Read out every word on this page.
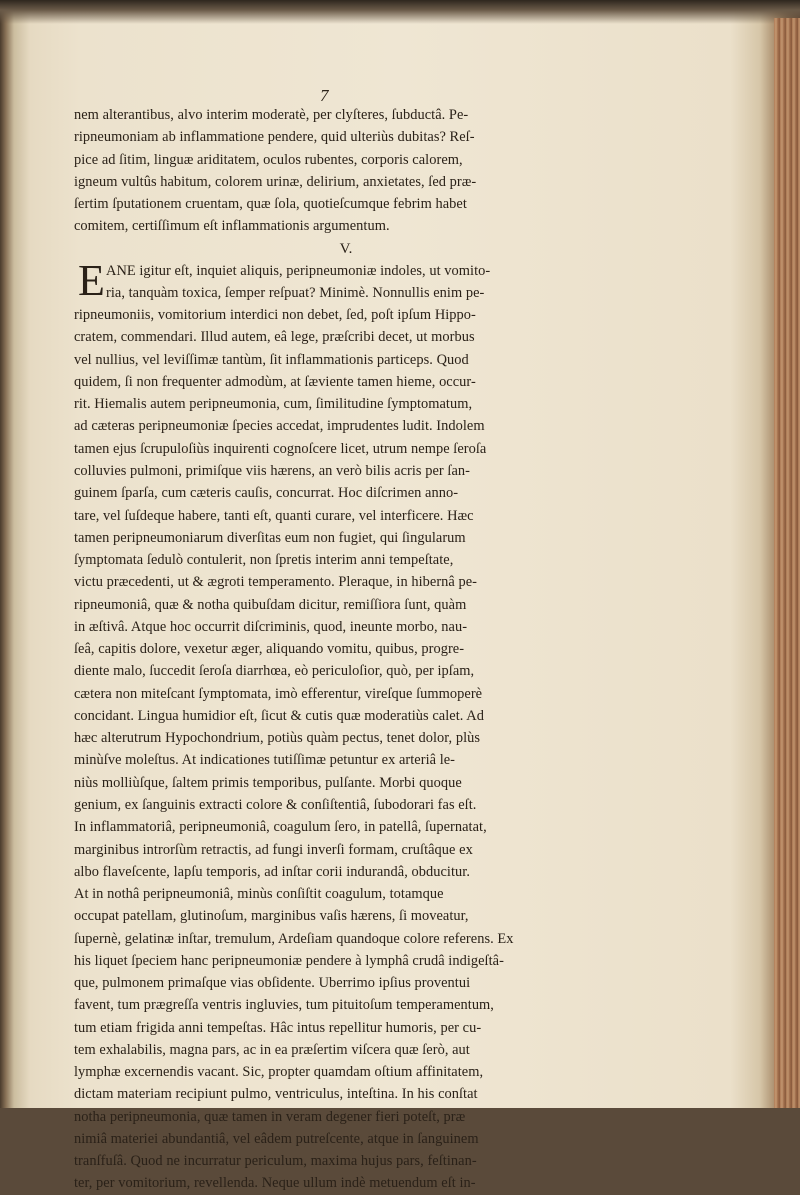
7
nem alterantibus, alvo interim moderatè, per clyſteres, ſubductâ. Pe-
ripneumoniam ab inflammatione pendere, quid ulteriùs dubitas? Reſ-
pice ad ſitim, linguæ ariditatem, oculos rubentes, corporis calorem,
igneum vultûs habitum, colorem urinæ, delirium, anxietates, ſed præ-
ſertim ſputationem cruentam, quæ ſola, quotieſcumque febrim habet
comitem, certiſſimum eſt inflammationis argumentum.
V.
E ANE igitur eſt, inquiet aliquis, peripneumoniæ indoles, ut vomito-
ria, tanquàm toxica, ſemper reſpuat? Minimè. Nonnullis enim pe-
ripneumoniis, vomitorium interdici non debet, ſed, poſt ipſum Hippo-
cratem, commendari. Illud autem, eâ lege, præſcribi decet, ut morbus
vel nullius, vel leviſſimæ tantùm, ſit inflammationis particeps. Quod
quidem, ſi non frequenter admodùm, at ſæviente tamen hieme, occur-
rit. Hiemalis autem peripneumonia, cum, ſimilitudine ſymptomatum,
ad cæteras peripneumoniæ ſpecies accedat, imprudentes ludit. Indolem
tamen ejus ſcrupuloſiùs inquirenti cognoſcere licet, utrum nempe ſeroſa
colluvies pulmoni, primiſque viis hærens, an verò bilis acris per ſan-
guinem ſparſa, cum cæteris cauſis, concurrat. Hoc diſcrimen anno-
tare, vel ſuſdeque habere, tanti eſt, quanti curare, vel interficere. Hæc
tamen peripneumoniarum diverſitas eum non fugiet, qui ſingularum
ſymptomata ſedulò contulerit, non ſpretis interim anni tempeſtate,
victu præcedenti, ut & ægroti temperamento. Pleraque, in hibernâ pe-
ripneumoniâ, quæ & notha quibuſdam dicitur, remiſſiora ſunt, quàm
in æſtivâ. Atque hoc occurrit diſcriminis, quod, ineunte morbo, nau-
ſeâ, capitis dolore, vexetur æger, aliquando vomitu, quibus, progre-
diente malo, ſuccedit ſeroſa diarrhœa, eò periculoſior, quò, per ipſam,
cætera non miteſcant ſymptomata, imò efferentur, vireſque ſummoperè
concidant. Lingua humidior eſt, ſicut & cutis quæ moderatiùs calet. Ad
hæc alterutrum Hypochondrium, potiùs quàm pectus, tenet dolor, plùs
minùſve moleſtus. At indicationes tutiſſimæ petuntur ex arteriâ le-
niùs molliùſque, ſaltem primis temporibus, pulſante. Morbi quoque
genium, ex ſanguinis extracti colore & conſiſtentiâ, ſubodorari fas eſt.
In inflammatoriâ, peripneumoniâ, coagulum ſero, in patellâ, ſupernatat,
marginibus introrſùm retractis, ad fungi inverſi formam, cruſtâque ex
albo flaveſcente, lapſu temporis, ad inſtar corii indurandâ, obducitur.
At in nothâ peripneumoniâ, minùs conſiſtit coagulum, totamque
occupat patellam, glutinoſum, marginibus vaſis hærens, ſi moveatur,
ſupernè, gelatinæ inſtar, tremulum, Ardeſiam quandoque colore referens. Ex
his liquet ſpeciem hanc peripneumoniæ pendere à lymphâ crudâ indigeſtâ-
que, pulmonem primaſque vias obſidente. Uberrimo ipſius proventui
favent, tum prægreſſa ventris ingluvies, tum pituitoſum temperamentum,
tum etiam frigida anni tempeſtas. Hâc intus repellitur humoris, per cu-
tem exhalabilis, magna pars, ac in ea præſertim viſcera quæ ſerò, aut
lymphæ excernendis vacant. Sic, propter quamdam oſtium affinitatem,
dictam materiam recipiunt pulmo, ventriculus, inteſtina. In his conſtat
notha peripneumonia, quæ tamen in veram degener fieri poteſt, præ
nimiâ materiei abundantiâ, vel eâdem putreſcente, atque in ſanguinem
tranſfuſâ. Quod ne incurratur periculum, maxima hujus pars, feſtinan-
ter, per vomitorium, revellenda. Neque ullum indè metuendum eſt in-
